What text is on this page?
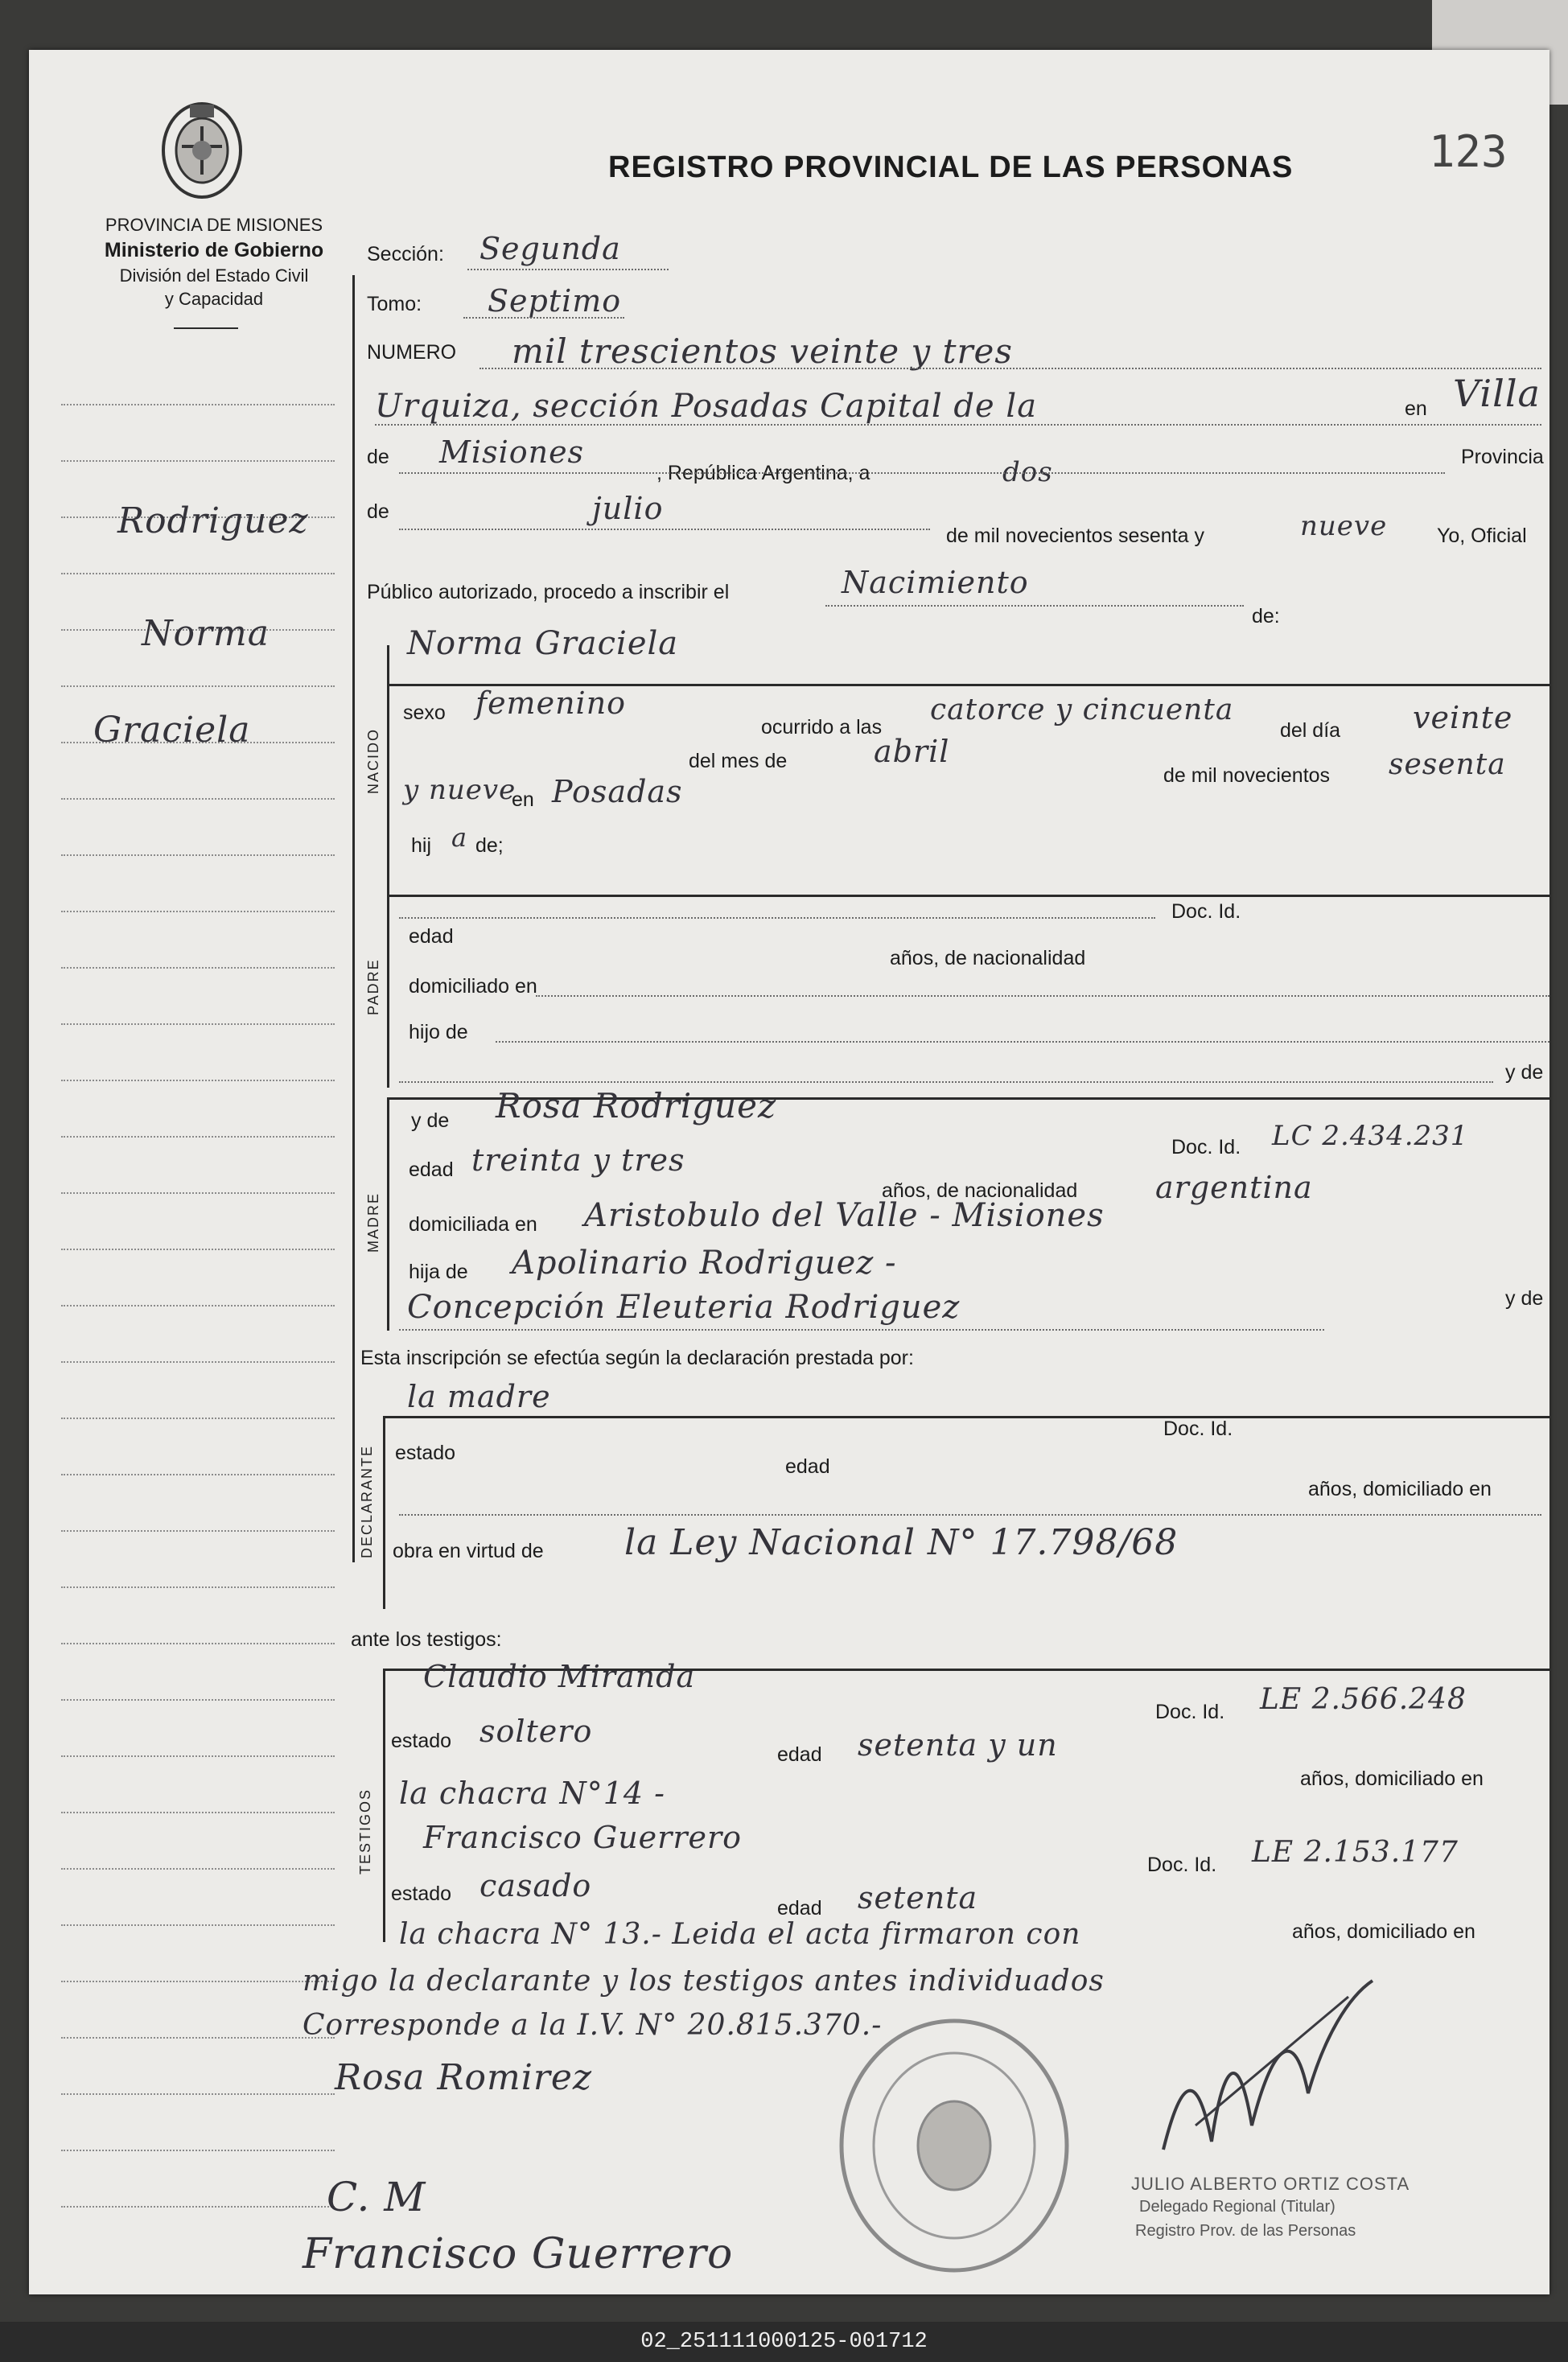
PROVINCIA DE MISIONES
Ministerio de Gobierno
División del Estado Civil
y Capacidad
REGISTRO PROVINCIAL DE LAS PERSONAS	123
Rodriguez
Norma
Graciela
Sección: Segunda
Tomo: Septimo
NUMERO mil trescientos veinte y tres
Urquiza, sección Posadas Capital de la	en Villa
de Misiones
, República Argentina, a	dos	Provincia
de	julio
de mil novecientos sesenta y	nueve Yo, Oficial
Público autorizado, procedo a inscribir el	Nacimiento
de:
Norma Graciela
NACIDO
sexo femenino
ocurrido a las
catorce y cincuenta
del día veinte
del mes de	abril
de mil novecientos sesenta
y nueve
en Posadas
hij a de;
PADRE
Doc. Id.
edad
años, de nacionalidad
domiciliado en
hijo de
y de
MADRE
y de Rosa Rodriguez
Doc. Id. LC 2.434.231
edad treinta y tres
años, de nacionalidad	argentina
domiciliada en Aristobulo del Valle - Misiones
hija de Apolinario Rodriguez -
y de
Concepción Eleuteria Rodriguez
Esta inscripción se efectúa según la declaración prestada por:
la madre
DECLARANTE
Doc. Id.
estado
edad
años, domiciliado en
obra en virtud de la Ley Nacional N° 17.798/68
ante los testigos:
TESTIGOS
Claudio Miranda
Doc. Id. LE 2.566.248
estado soltero
edad setenta y un
años, domiciliado en
la chacra N°14 -
Francisco Guerrero
Doc. Id. LE 2.153.177
estado casado
edad setenta
años, domiciliado en
la chacra N° 13.- Leida el acta firmaron con
migo la declarante y los testigos antes individuados
Corresponde a la I.V. N° 20.815.370.-
Rosa Romirez
C. M
Francisco Guerrero
JULIO ALBERTO ORTIZ COSTA
Delegado Regional (Titular)
Registro Prov. de las Personas
02_251111000125-001712
